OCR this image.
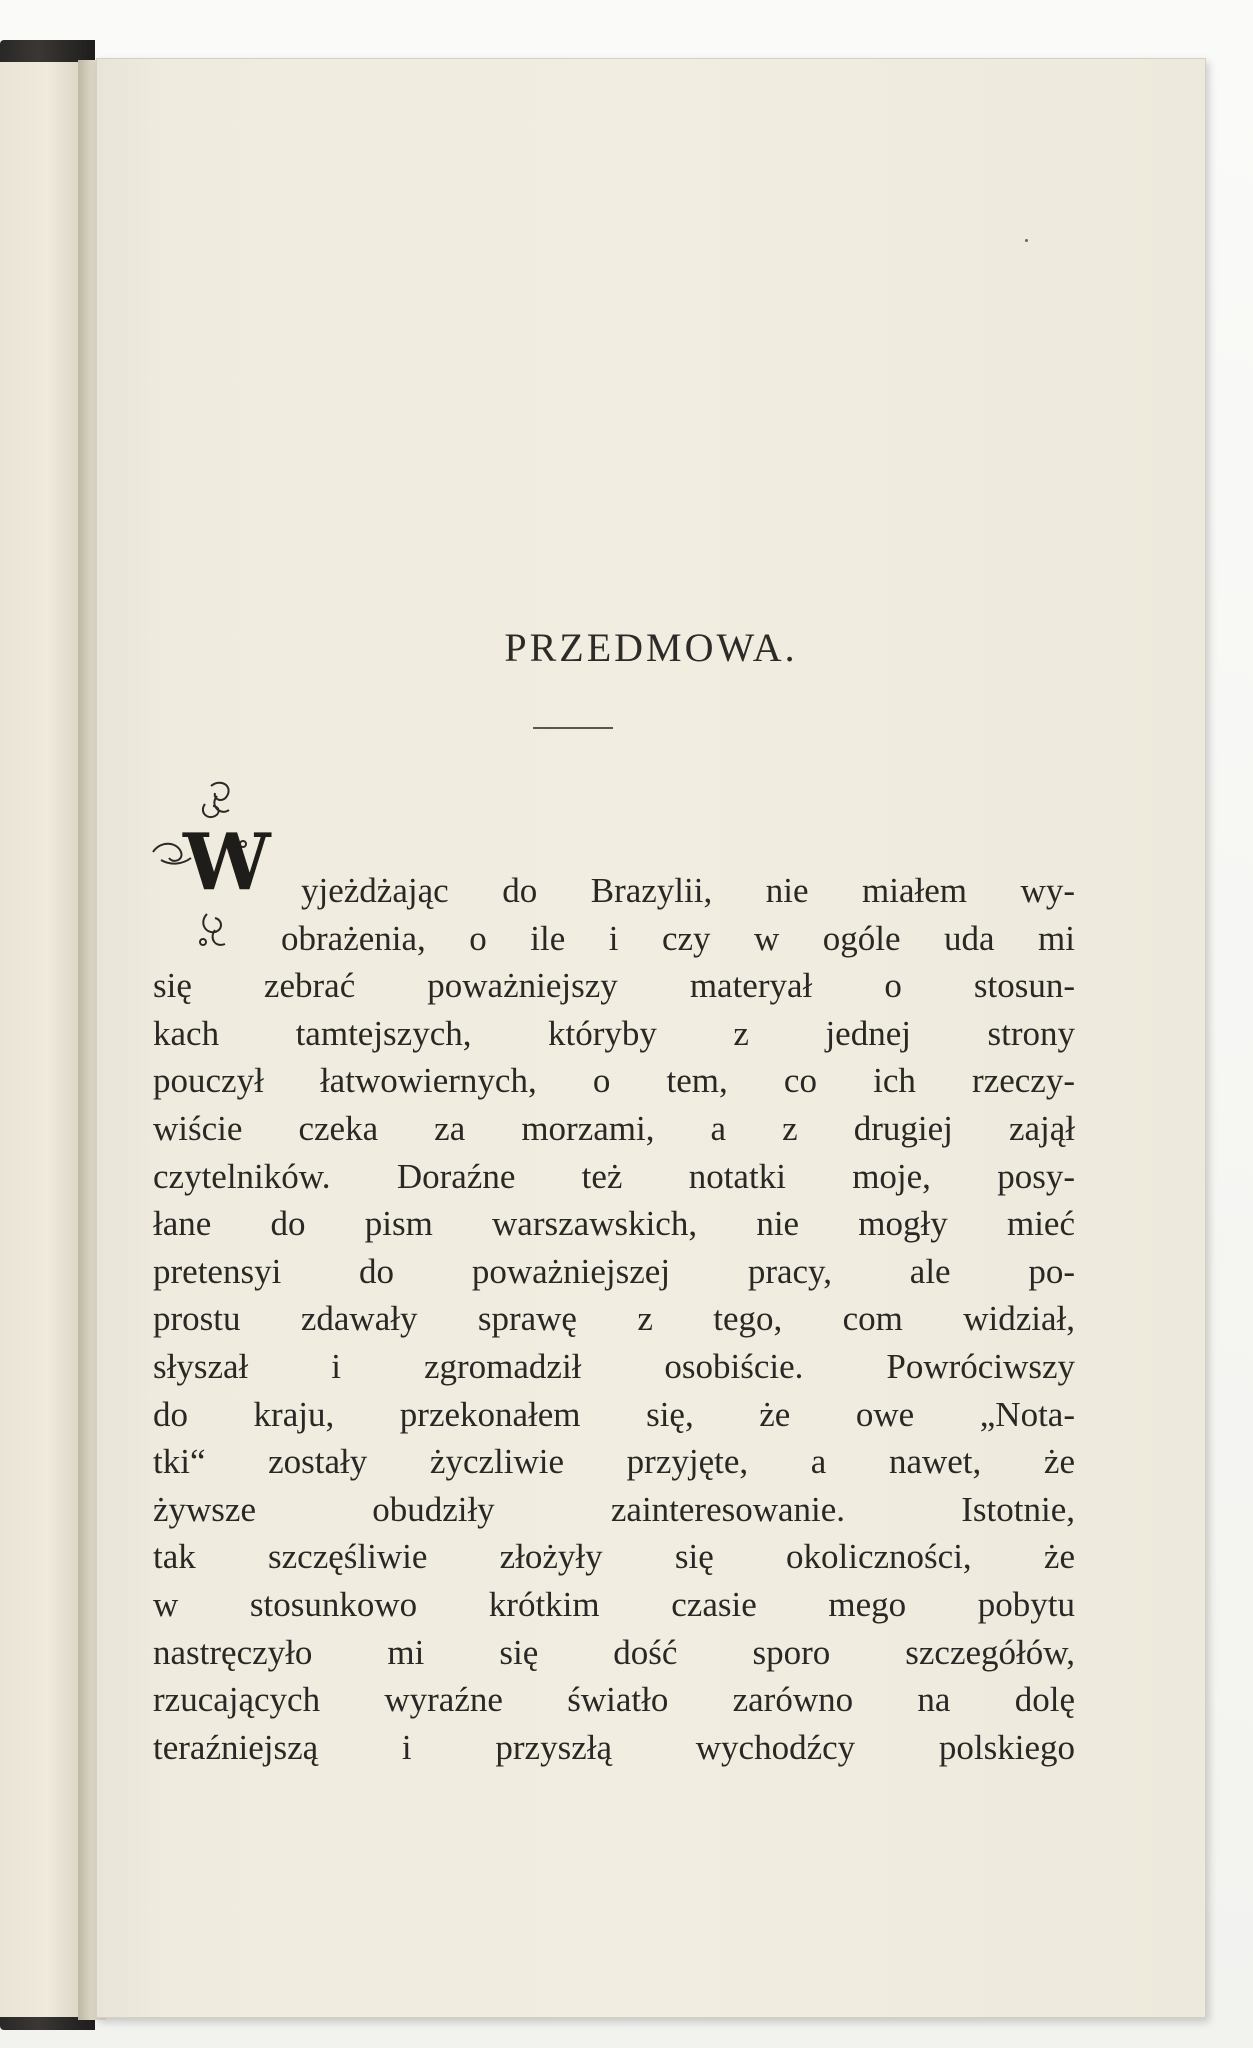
PRZEDMOWA.
W yjeżdżając do Brazylii, nie miałem wy-
obrażenia, o ile i czy w ogóle uda mi
się zebrać poważniejszy materyał o stosun-
kach tamtejszych, któryby z jednej strony
pouczył łatwowiernych, o tem, co ich rzeczy-
wiście czeka za morzami, a z drugiej zajął
czytelników. Doraźne też notatki moje, posy-
łane do pism warszawskich, nie mogły mieć
pretensyi do poważniejszej pracy, ale po-
prostu zdawały sprawę z tego, com widział,
słyszał i zgromadził osobiście. Powróciwszy
do kraju, przekonałem się, że owe „Nota-
tki“ zostały życzliwie przyjęte, a nawet, że
żywsze obudziły zainteresowanie. Istotnie,
tak szczęśliwie złożyły się okoliczności, że
w stosunkowo krótkim czasie mego pobytu
nastręczyło mi się dość sporo szczegółów,
rzucających wyraźne światło zarówno na dolę
teraźniejszą i przyszłą wychodźcy polskiego
